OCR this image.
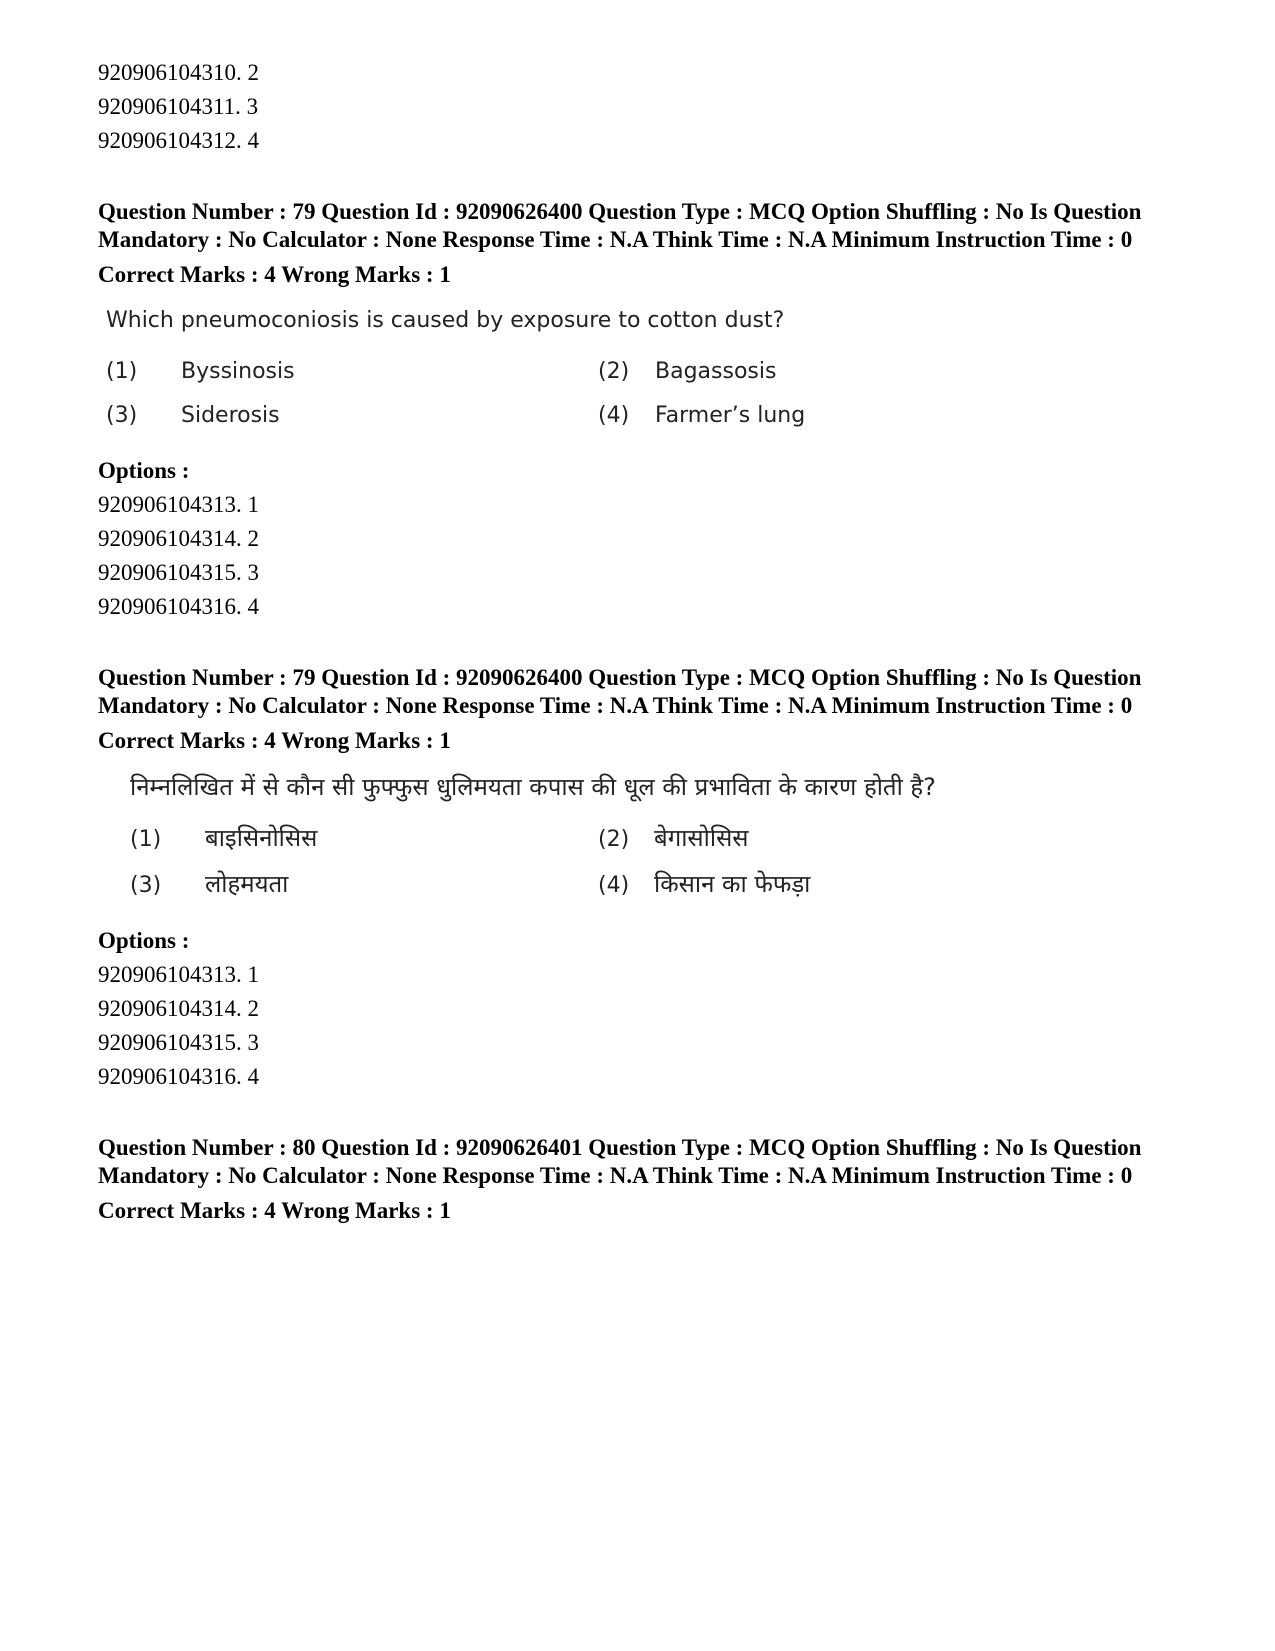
920906104310. 2
920906104311. 3
920906104312. 4
Question Number : 79 Question Id : 92090626400 Question Type : MCQ Option Shuffling : No Is Question Mandatory : No Calculator : None Response Time : N.A Think Time : N.A Minimum Instruction Time : 0
Correct Marks : 4 Wrong Marks : 1
Which pneumoconiosis is caused by exposure to cotton dust?
(1)	Byssinosis	(2)	Bagassosis
(3)	Siderosis	(4)	Farmer’s lung
Options :
920906104313. 1
920906104314. 2
920906104315. 3
920906104316. 4
Question Number : 79 Question Id : 92090626400 Question Type : MCQ Option Shuffling : No Is Question Mandatory : No Calculator : None Response Time : N.A Think Time : N.A Minimum Instruction Time : 0
Correct Marks : 4 Wrong Marks : 1
निम्नलिखित में से कौन सी फुफ्फुस धुलिमयता कपास की धूल की प्रभाविता के कारण होती है?
(1)	बाइसिनोसिस	(2)	बेगासोसिस
(3)	लोहमयता	(4)	किसान का फेफड़ा
Options :
920906104313. 1
920906104314. 2
920906104315. 3
920906104316. 4
Question Number : 80 Question Id : 92090626401 Question Type : MCQ Option Shuffling : No Is Question Mandatory : No Calculator : None Response Time : N.A Think Time : N.A Minimum Instruction Time : 0
Correct Marks : 4 Wrong Marks : 1
